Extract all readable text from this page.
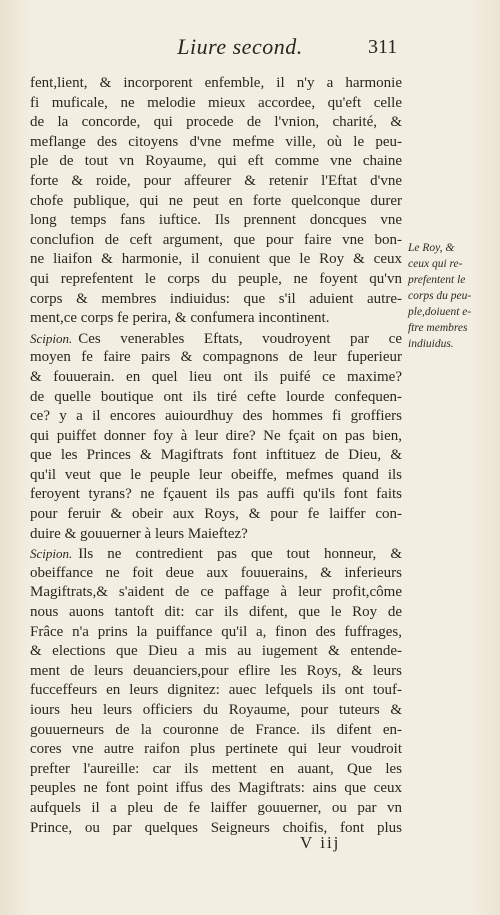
Liure second.	311
fent,lient, & incorporent enfemble, il n'y a harmonie
fi muficale, ne melodie mieux accordee, qu'eft celle
de la concorde, qui procede de l'vnion, charité, &
meflange des citoyens d'vne mefme ville, où le peu-
ple de tout vn Royaume, qui eft comme vne chaine
forte & roide, pour affeurer & retenir l'Eftat d'vne
chofe publique, qui ne peut en forte quelconque durer
long temps fans iuftice. Ils prennent doncques vne
conclufion de ceft argument, que pour faire vne bon-
ne liaifon & harmonie, il conuient que le Roy & ceux
qui reprefentent le corps du peuple, ne foyent qu'vn
corps & membres indiuidus: que s'il aduient autre-
ment,ce corps fe perira, & confumera incontinent.
Scipion. Ces venerables Eftats, voudroyent par ce
moyen fe faire pairs & compagnons de leur fuperieur
& fouuerain. en quel lieu ont ils puifé ce maxime?
de quelle boutique ont ils tiré cefte lourde confequen-
ce? y a il encores auiourdhuy des hommes fi groffiers
qui puiffet donner foy à leur dire? Ne fçait on pas bien,
que les Princes & Magiftrats font inftituez de Dieu, &
qu'il veut que le peuple leur obeiffe, mefmes quand ils
feroyent tyrans? ne fçauent ils pas auffi qu'ils font faits
pour feruir & obeir aux Roys, & pour fe laiffer con-
duire & gouuerner à leurs Maieftez?
Scipion. Ils ne contredient pas que tout honneur, &
obeiffance ne foit deue aux fouuerains, & inferieurs
Magiftrats,& s'aident de ce paffage à leur profit,côme
nous auons tantoft dit: car ils difent, que le Roy de
Frâce n'a prins la puiffance qu'il a, finon des fuffrages,
& elections que Dieu a mis au iugement & entende-
ment de leurs deuanciers,pour eflire les Roys, & leurs
fucceffeurs en leurs dignitez: auec lefquels ils ont touf-
iours heu leurs officiers du Royaume, pour tuteurs &
gouuerneurs de la couronne de France. ils difent en-
cores vne autre raifon plus pertinete qui leur voudroit
prefter l'aureille: car ils mettent en auant, Que les
peuples ne font point iffus des Magiftrats: ains que ceux
aufquels il a pleu de fe laiffer gouuerner, ou par vn
Prince, ou par quelques Seigneurs choifis, font plus
Le Roy, &
ceux qui re-
prefentent le
corps du peu-
ple,doiuent e-
ftre membres
indiuidus.
V iij
